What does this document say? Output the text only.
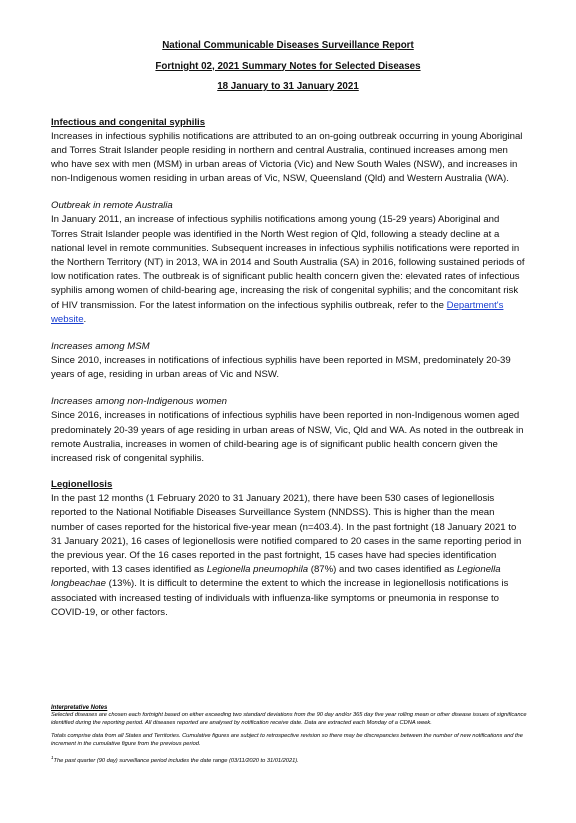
National Communicable Diseases Surveillance Report
Fortnight 02, 2021 Summary Notes for Selected Diseases
18 January to 31 January 2021
Infectious and congenital syphilis

Increases in infectious syphilis notifications are attributed to an on-going outbreak occurring in young Aboriginal and Torres Strait Islander people residing in northern and central Australia, continued increases among men who have sex with men (MSM) in urban areas of Victoria (Vic) and New South Wales (NSW), and increases in non-Indigenous women residing in urban areas of Vic, NSW, Queensland (Qld) and Western Australia (WA).

Outbreak in remote Australia

In January 2011, an increase of infectious syphilis notifications among young (15-29 years) Aboriginal and Torres Strait Islander people was identified in the North West region of Qld, following a steady decline at a national level in remote communities. Subsequent increases in infectious syphilis notifications were reported in the Northern Territory (NT) in 2013, WA in 2014 and South Australia (SA) in 2016, following sustained periods of low notification rates. The outbreak is of significant public health concern given the: elevated rates of infectious syphilis among women of child-bearing age, increasing the risk of congenital syphilis; and the concomitant risk of HIV transmission. For the latest information on the infectious syphilis outbreak, refer to the Department's website.

Increases among MSM

Since 2010, increases in notifications of infectious syphilis have been reported in MSM, predominately 20-39 years of age, residing in urban areas of Vic and NSW.

Increases among non-Indigenous women

Since 2016, increases in notifications of infectious syphilis have been reported in non-Indigenous women aged predominately 20-39 years of age residing in urban areas of NSW, Vic, Qld and WA. As noted in the outbreak in remote Australia, increases in women of child-bearing age is of significant public health concern given the increased risk of congenital syphilis.

Legionellosis

In the past 12 months (1 February 2020 to 31 January 2021), there have been 530 cases of legionellosis reported to the National Notifiable Diseases Surveillance System (NNDSS). This is higher than the mean number of cases reported for the historical five-year mean (n=403.4). In the past fortnight (18 January 2021 to 31 January 2021), 16 cases of legionellosis were notified compared to 20 cases in the same reporting period in the previous year. Of the 16 cases reported in the past fortnight, 15 cases have had species identification reported, with 13 cases identified as Legionella pneumophila (87%) and two cases identified as Legionella longbeachae (13%). It is difficult to determine the extent to which the increase in legionellosis notifications is associated with increased testing of individuals with influenza-like symptoms or pneumonia in response to COVID-19, or other factors.

Interpretative Notes

Selected diseases are chosen each fortnight based on either exceeding two standard deviations from the 90 day and/or 365 day five year rolling mean or other disease issues of significance identified during the reporting period. All diseases reported are analysed by notification receive date. Data are extracted each Monday of a CDNA week.

Totals comprise data from all States and Territories. Cumulative figures are subject to retrospective revision so there may be discrepancies between the number of new notifications and the increment in the cumulative figure from the previous period.

$^1$The past quarter (90 day) surveillance period includes the date range (03/11/2020 to 31/01/2021).
